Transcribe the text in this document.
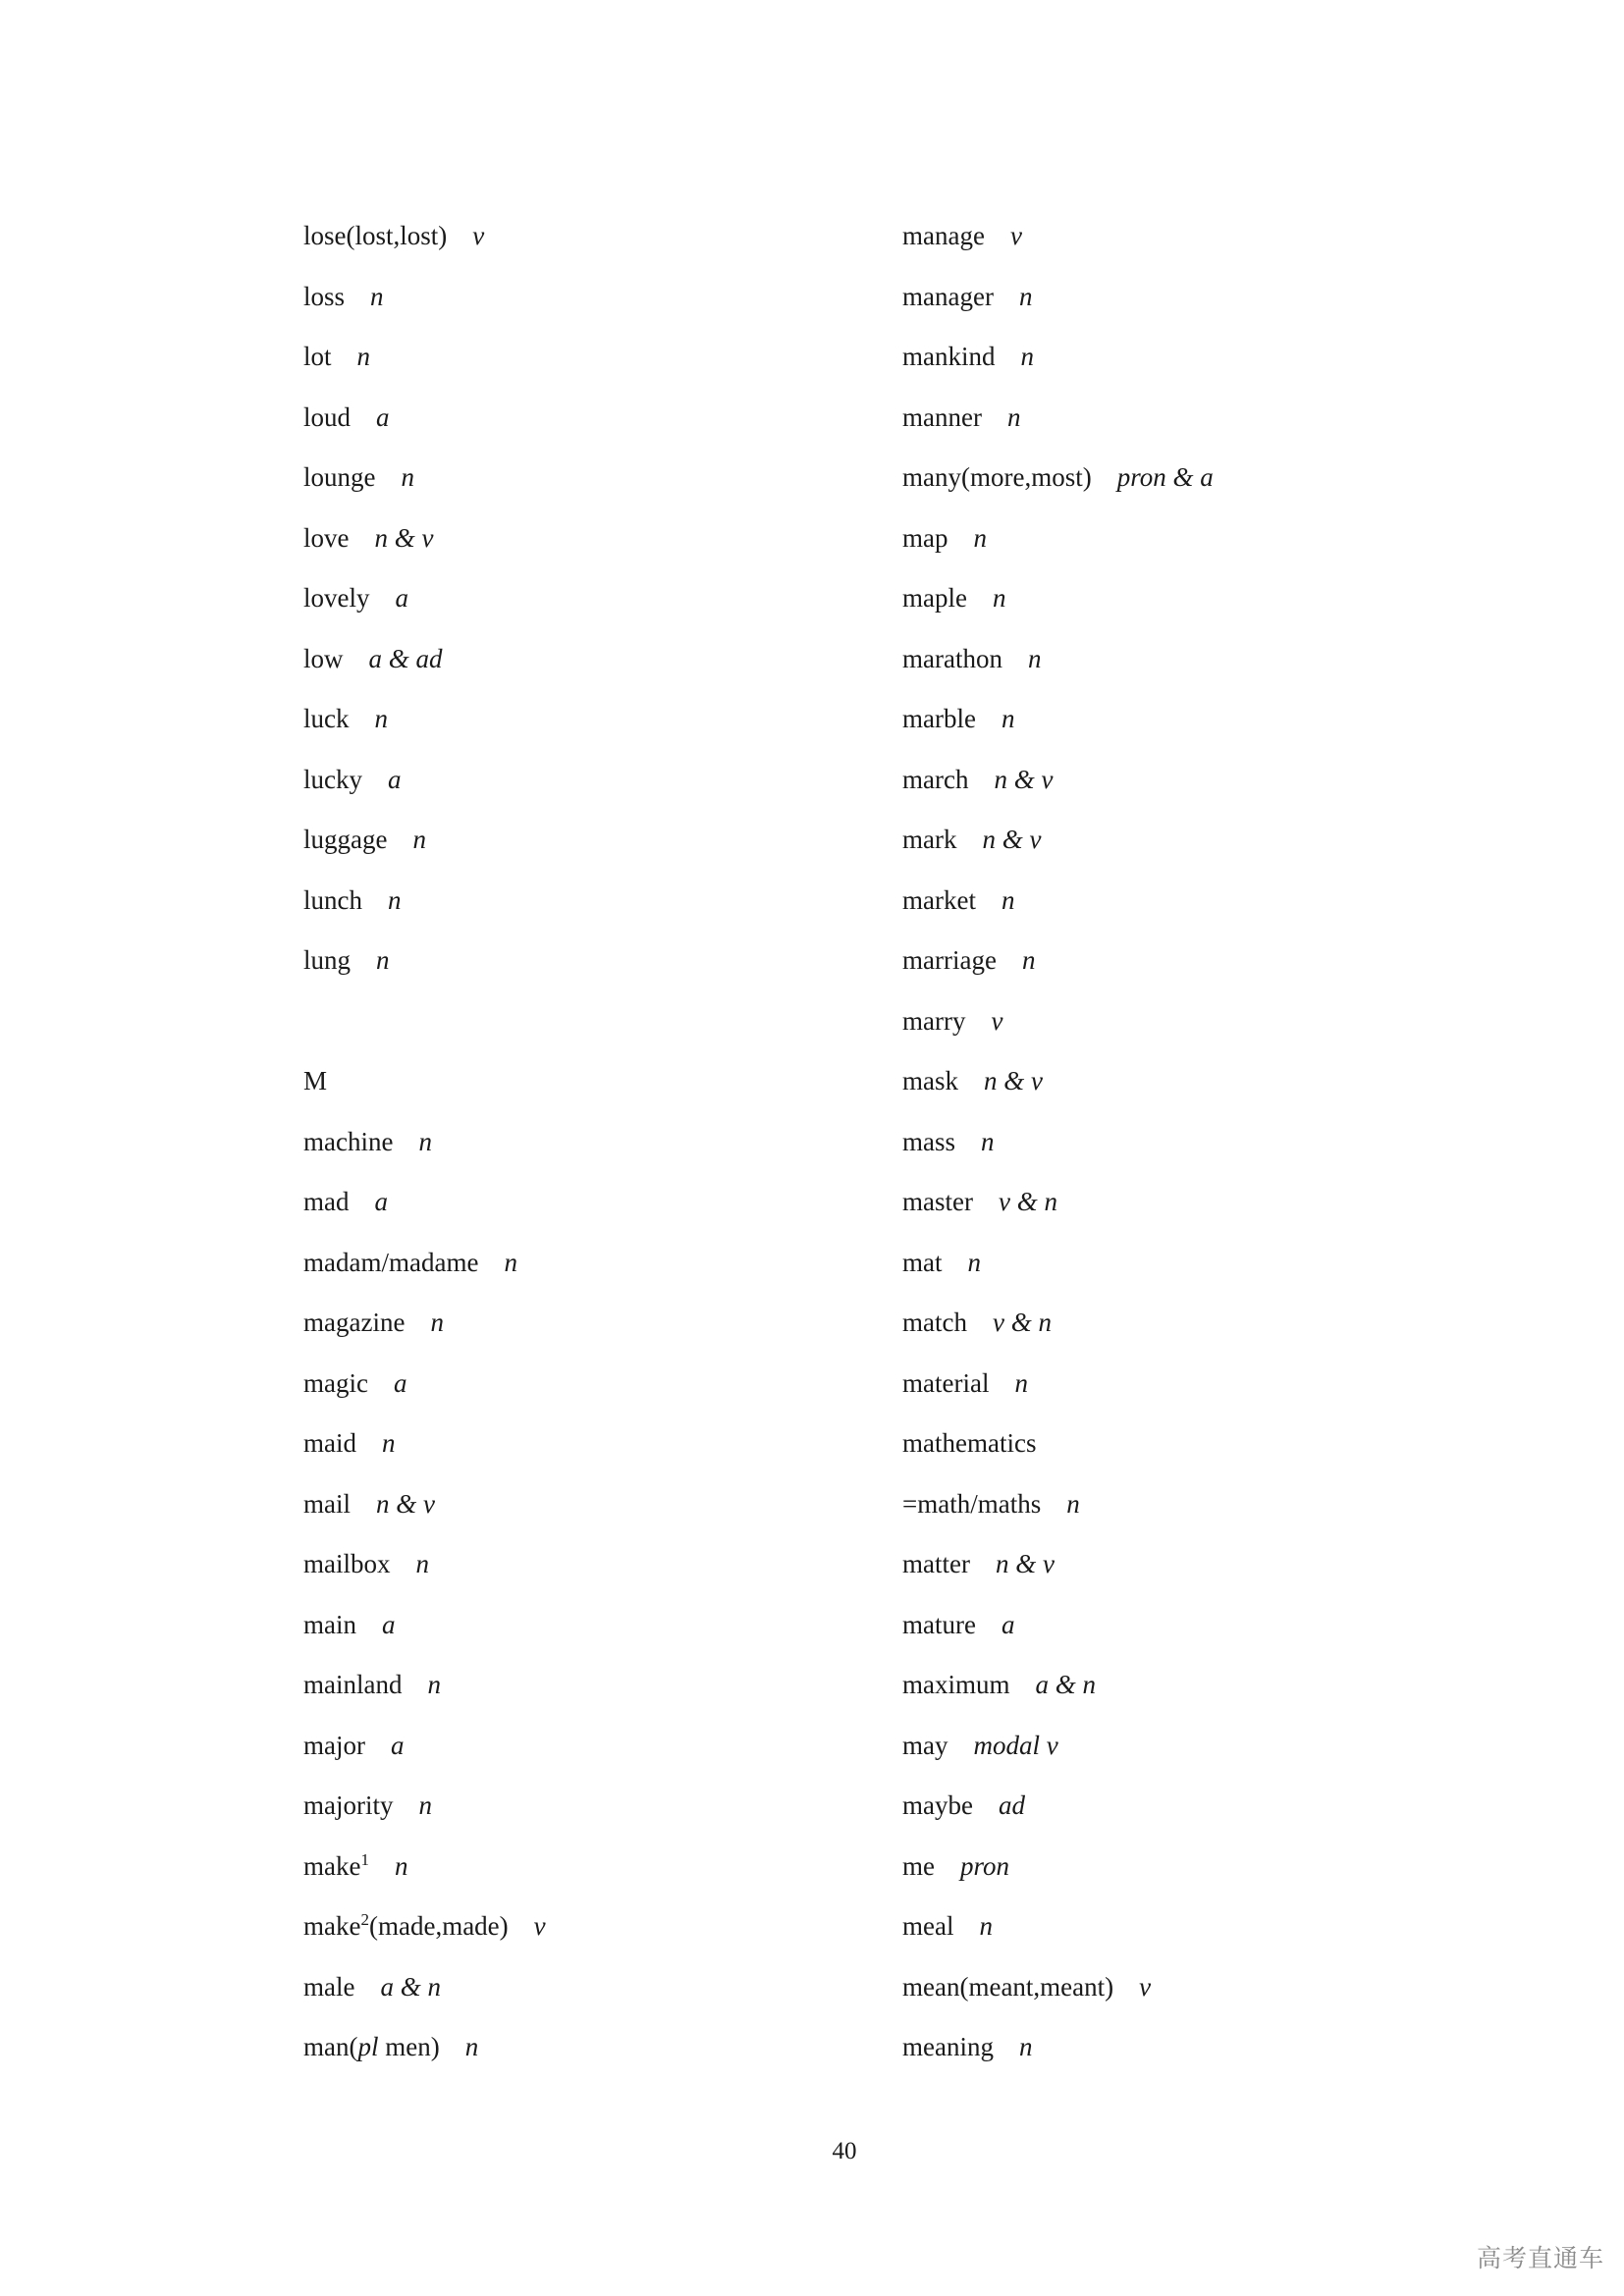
lose(lost,lost) v
loss n
lot n
loud a
lounge n
love n & v
lovely a
low a & ad
luck n
lucky a
luggage n
lunch n
lung n
M
machine n
mad a
madam/madame n
magazine n
magic a
maid n
mail n & v
mailbox n
main a
mainland n
major a
majority n
make$^1$ n
make$^2$(made,made) v
male a & n
man(pl men) n
manage v
manager n
mankind n
manner n
many(more,most) pron & a
map n
maple n
marathon n
marble n
march n & v
mark n & v
market n
marriage n
marry v
mask n & v
mass n
master v & n
mat n
match v & n
material n
mathematics
=math/maths n
matter n & v
mature a
maximum a & n
may modal v
maybe ad
me pron
meal n
mean(meant,meant) v
meaning n
40
高考直通车
